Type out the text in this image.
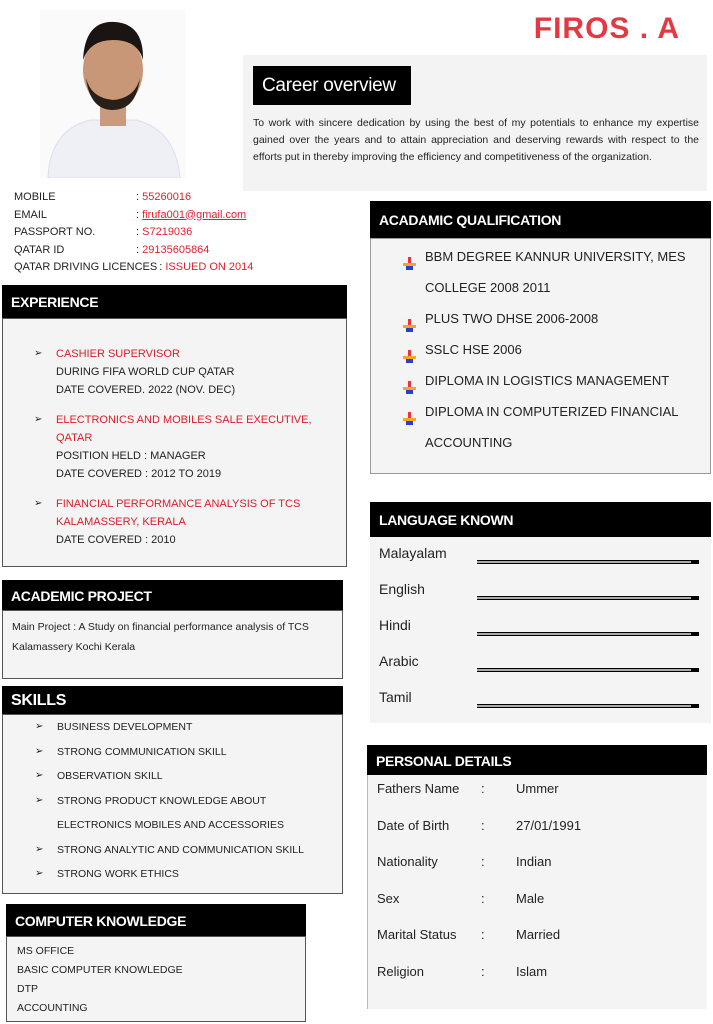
FIROS . A
Career overview

To work with sincere dedication by using the best of my potentials to enhance my expertise gained over the years and to attain appreciation and deserving rewards with respect to the efforts put in thereby improving the efficiency and competitiveness of the organization.

MOBILE	: 55260016
EMAIL	: firufa001@gmail.com
PASSPORT NO.	: S7219036
QATAR ID	: 29135605864
QATAR DRIVING LICENCES : ISSUED ON 2014
EXPERIENCE
➢ CASHIER SUPERVISOR
DURING FIFA WORLD CUP QATAR
DATE COVERED. 2022 (NOV. DEC)
➢ ELECTRONICS AND MOBILES SALE EXECUTIVE, QATAR
POSITION HELD : MANAGER
DATE COVERED : 2012 TO 2019
➢ FINANCIAL PERFORMANCE ANALYSIS OF TCS KALAMASSERY, KERALA
DATE COVERED : 2010
ACADEMIC PROJECT

Main Project : A Study on financial performance analysis of TCS Kalamassery Kochi Kerala

SKILLS
➢ BUSINESS DEVELOPMENT
➢ STRONG COMMUNICATION SKILL
➢ OBSERVATION SKILL
➢ STRONG PRODUCT KNOWLEDGE ABOUT ELECTRONICS MOBILES AND ACCESSORIES
➢ STRONG ANALYTIC AND COMMUNICATION SKILL
➢ STRONG WORK ETHICS
COMPUTER KNOWLEDGE
MS OFFICE
BASIC COMPUTER KNOWLEDGE
DTP
ACCOUNTING
ACADAMIC QUALIFICATION
BBM DEGREE KANNUR UNIVERSITY, MES COLLEGE 2008 2011
PLUS TWO DHSE 2006-2008
SSLC HSE 2006
DIPLOMA IN LOGISTICS MANAGEMENT
DIPLOMA IN COMPUTERIZED FINANCIAL ACCOUNTING
LANGUAGE KNOWN
Malayalam
English
Hindi
Arabic
Tamil
PERSONAL DETAILS
Fathers Name	:	Ummer
Date of Birth	:	27/01/1991
Nationality	:	Indian
Sex	:	Male
Marital Status	:	Married
Religion	:	Islam
